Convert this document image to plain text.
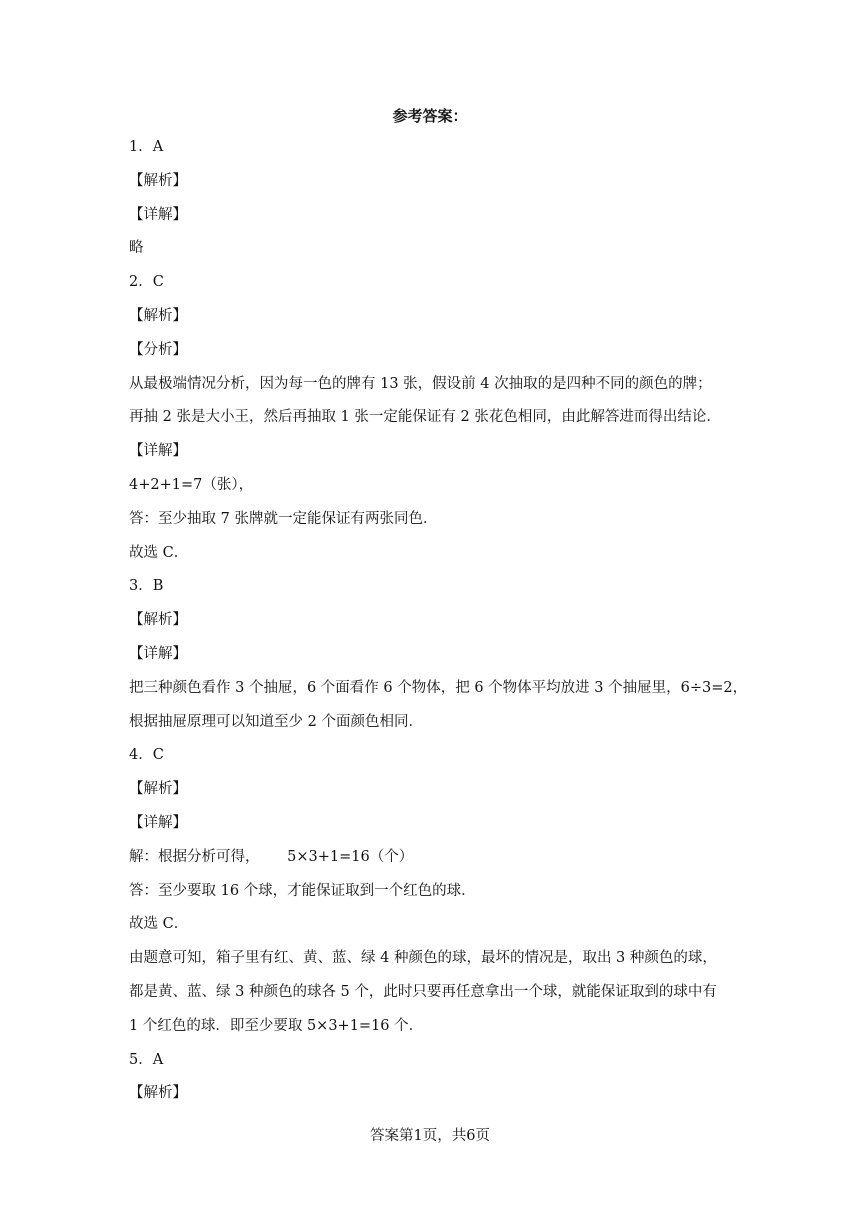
参考答案：
1．A
【解析】
【详解】
略
2．C
【解析】
【分析】
从最极端情况分析，因为每一色的牌有 13 张，假设前 4 次抽取的是四种不同的颜色的牌；
再抽 2 张是大小王，然后再抽取 1 张一定能保证有 2 张花色相同，由此解答进而得出结论．
【详解】
4+2+1=7（张），
答：至少抽取 7 张牌就一定能保证有两张同色．
故选 C．
3．B
【解析】
【详解】
把三种颜色看作 3 个抽屉，6 个面看作 6 个物体，把 6 个物体平均放进 3 个抽屉里，6÷3=2，
根据抽屉原理可以知道至少 2 个面颜色相同．
4．C
【解析】
【详解】
解：根据分析可得，      5×3+1=16（个）
答：至少要取 16 个球，才能保证取到一个红色的球．
故选 C．
由题意可知，箱子里有红、黄、蓝、绿 4 种颜色的球，最坏的情况是，取出 3 种颜色的球，
都是黄、蓝、绿 3 种颜色的球各 5 个，此时只要再任意拿出一个球，就能保证取到的球中有
1 个红色的球．即至少要取 5×3+1=16 个．
5．A
【解析】
答案第1页，共6页
